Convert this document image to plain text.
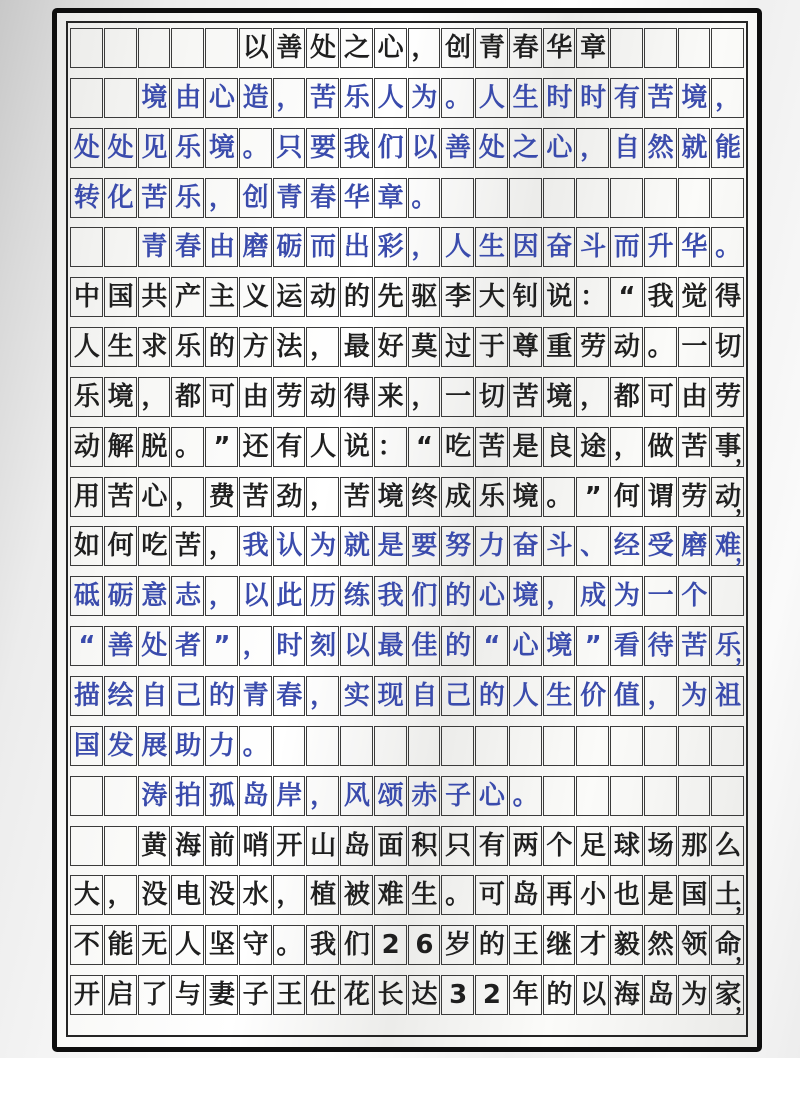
以 善 处 之 心 ， 创 青 春 华 章
境 由 心 造 ， 苦 乐 人 为 。 人 生 时 时 有 苦 境 ，
处 处 见 乐 境 。 只 要 我 们 以 善 处 之 心 ， 自 然 就 能
转 化 苦 乐 ， 创 青 春 华 章 。
青 春 由 磨 砺 而 出 彩 ， 人 生 因 奋 斗 而 升 华 。
中 国 共 产 主 义 运 动 的 先 驱 李 大 钊 说 ： “ 我 觉 得
人 生 求 乐 的 方 法 ， 最 好 莫 过 于 尊 重 劳 动 。 一 切
乐 境 ， 都 可 由 劳 动 得 来 ， 一 切 苦 境 ， 都 可 由 劳
动 解 脱 。 ” 还 有 人 说 ： “ 吃 苦 是 良 途 ， 做 苦 事
，
用 苦 心 ， 费 苦 劲 ， 苦 境 终 成 乐 境 。 ” 何 谓 劳 动
，
如 何 吃 苦 ， 我 认 为 就 是 要 努 力 奋 斗 、 经 受 磨 难
，
砥 砺 意 志 ， 以 此 历 练 我 们 的 心 境 ， 成 为 一 个
“ 善 处 者 ” ， 时 刻 以 最 佳 的 “ 心 境 ” 看 待 苦 乐
，
描 绘 自 己 的 青 春 ， 实 现 自 己 的 人 生 价 值 ， 为 祖
国 发 展 助 力 。
涛 拍 孤 岛 岸 ， 风 颂 赤 子 心 。
黄 海 前 哨 开 山 岛 面 积 只 有 两 个 足 球 场 那 么
大 ， 没 电 没 水 ， 植 被 难 生 。 可 岛 再 小 也 是 国 土
，
不 能 无 人 坚 守 。 我 们 2 6 岁 的 王 继 才 毅 然 领 命
，
开 启 了 与 妻 子 王 仕 花 长 达 3 2 年 的 以 海 岛 为 家
，
